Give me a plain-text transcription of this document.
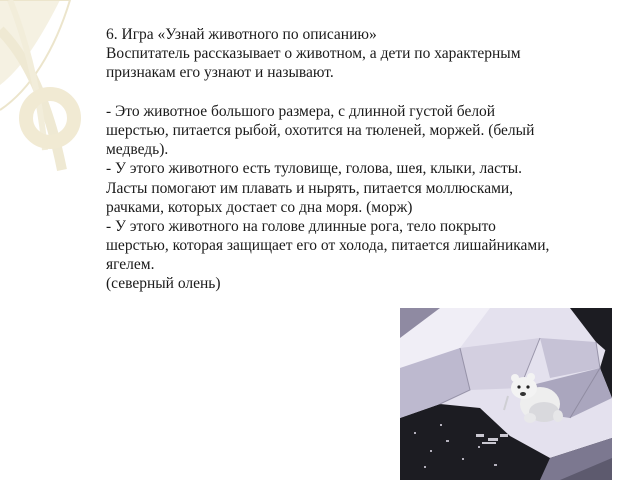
6. Игра «Узнай животного по описанию»
Воспитатель рассказывает о животном, а дети по характерным
признакам его узнают и называют.
- Это животное большого размера, с длинной густой белой
шерстью, питается рыбой, охотится на тюленей, моржей. (белый
медведь).
- У этого животного есть туловище, голова, шея, клыки, ласты.
Ласты помогают им плавать и нырять, питается моллюсками,
рачками, которых достает со дна моря. (морж)
- У этого животного на голове длинные рога, тело покрыто
шерстью, которая защищает его от холода, питается лишайниками,
ягелем.
(северный олень)
